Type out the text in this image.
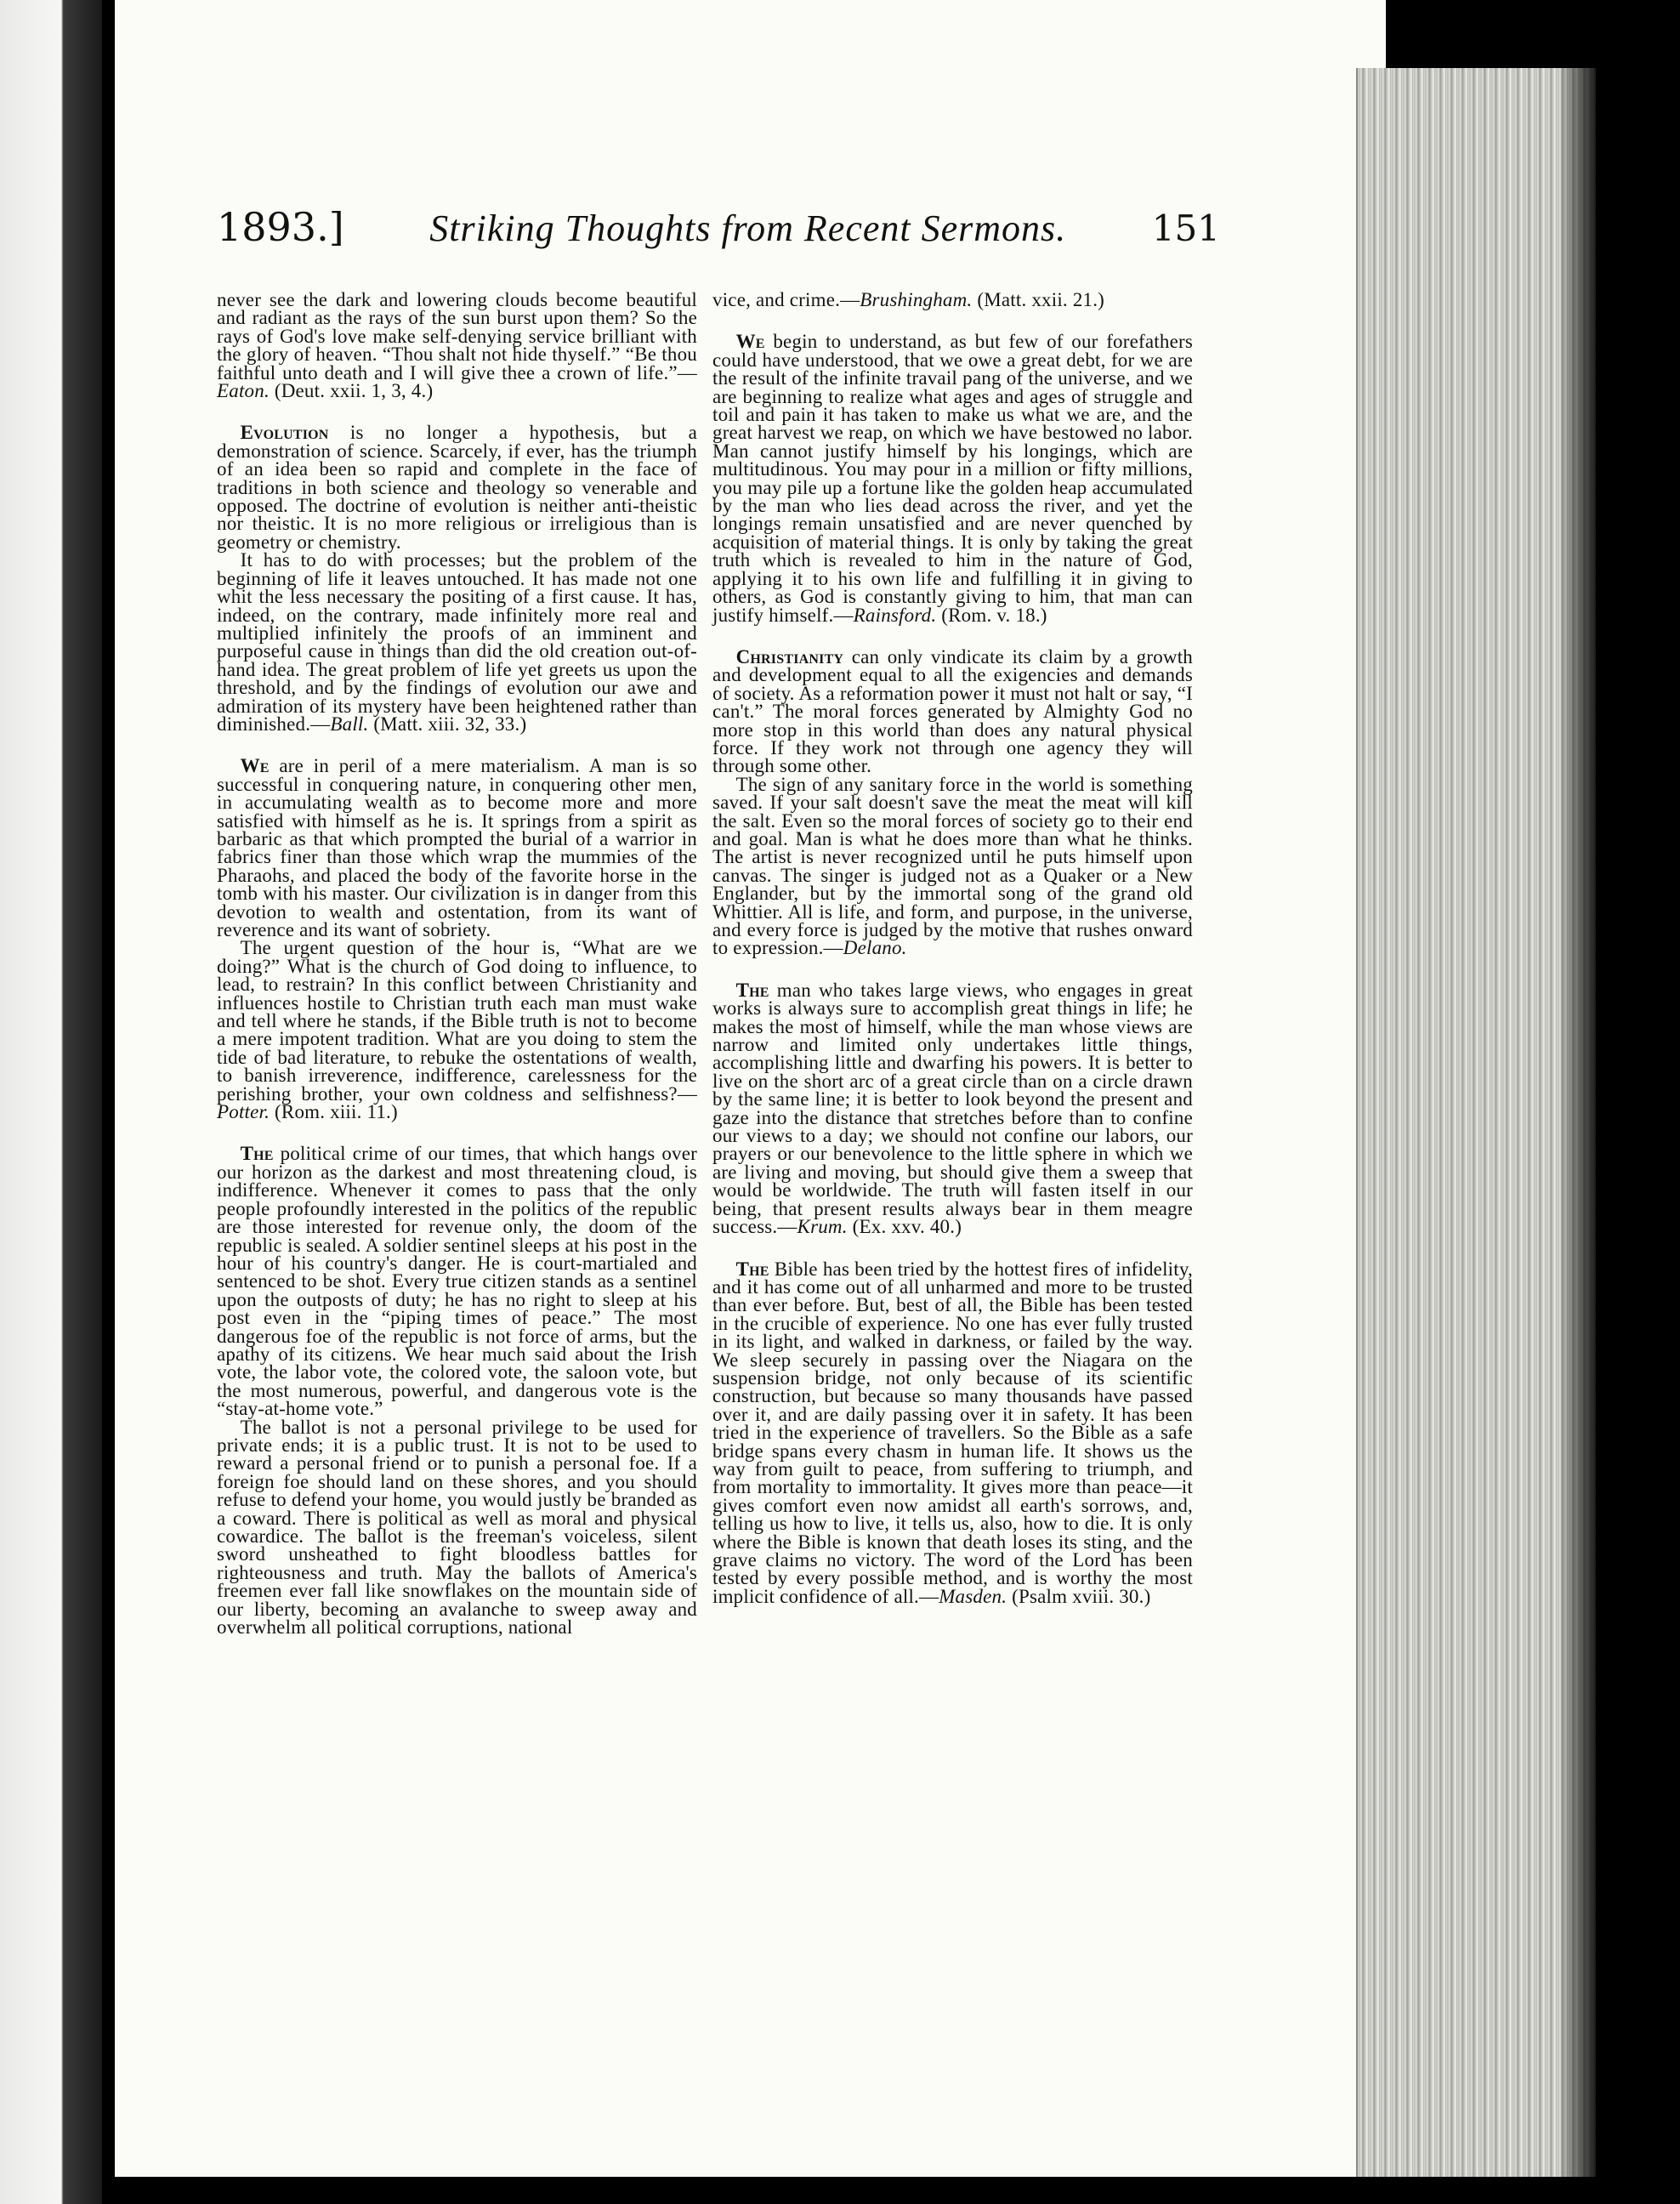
1893.] Striking Thoughts from Recent Sermons. 151

never see the dark and lowering clouds become beautiful and radiant as the rays of the sun burst upon them? So the rays of God's love make self-denying service brilliant with the glory of heaven. “Thou shalt not hide thyself.” “Be thou faithful unto death and I will give thee a crown of life.”—Eaton. (Deut. xxii. 1, 3, 4.)

Evolution is no longer a hypothesis, but a demonstration of science. Scarcely, if ever, has the triumph of an idea been so rapid and complete in the face of traditions in both science and theology so venerable and opposed. The doctrine of evolution is neither anti-theistic nor theistic. It is no more religious or irreligious than is geometry or chemistry.

It has to do with processes; but the problem of the beginning of life it leaves untouched. It has made not one whit the less necessary the positing of a first cause. It has, indeed, on the contrary, made infinitely more real and multiplied infinitely the proofs of an imminent and purposeful cause in things than did the old creation out-of-hand idea. The great problem of life yet greets us upon the threshold, and by the findings of evolution our awe and admiration of its mystery have been heightened rather than diminished.—Ball. (Matt. xiii. 32, 33.)

We are in peril of a mere materialism. A man is so successful in conquering nature, in conquering other men, in accumulating wealth as to become more and more satisfied with himself as he is. It springs from a spirit as barbaric as that which prompted the burial of a warrior in fabrics finer than those which wrap the mummies of the Pharaohs, and placed the body of the favorite horse in the tomb with his master. Our civilization is in danger from this devotion to wealth and ostentation, from its want of reverence and its want of sobriety.

The urgent question of the hour is, “What are we doing?” What is the church of God doing to influence, to lead, to restrain? In this conflict between Christianity and influences hostile to Christian truth each man must wake and tell where he stands, if the Bible truth is not to become a mere impotent tradition. What are you doing to stem the tide of bad literature, to rebuke the ostentations of wealth, to banish irreverence, indifference, carelessness for the perishing brother, your own coldness and selfishness?—Potter. (Rom. xiii. 11.)

The political crime of our times, that which hangs over our horizon as the darkest and most threatening cloud, is indifference. Whenever it comes to pass that the only people profoundly interested in the politics of the republic are those interested for revenue only, the doom of the republic is sealed. A soldier sentinel sleeps at his post in the hour of his country's danger. He is court-martialed and sentenced to be shot. Every true citizen stands as a sentinel upon the outposts of duty; he has no right to sleep at his post even in the “piping times of peace.” The most dangerous foe of the republic is not force of arms, but the apathy of its citizens. We hear much said about the Irish vote, the labor vote, the colored vote, the saloon vote, but the most numerous, powerful, and dangerous vote is the “stay-at-home vote.”

The ballot is not a personal privilege to be used for private ends; it is a public trust. It is not to be used to reward a personal friend or to punish a personal foe. If a foreign foe should land on these shores, and you should refuse to defend your home, you would justly be branded as a coward. There is political as well as moral and physical cowardice. The ballot is the freeman's voiceless, silent sword unsheathed to fight bloodless battles for righteousness and truth. May the ballots of America's freemen ever fall like snowflakes on the mountain side of our liberty, becoming an avalanche to sweep away and overwhelm all political corruptions, national

vice, and crime.—Brushingham. (Matt. xxii. 21.)

We begin to understand, as but few of our forefathers could have understood, that we owe a great debt, for we are the result of the infinite travail pang of the universe, and we are beginning to realize what ages and ages of struggle and toil and pain it has taken to make us what we are, and the great harvest we reap, on which we have bestowed no labor. Man cannot justify himself by his longings, which are multitudinous. You may pour in a million or fifty millions, you may pile up a fortune like the golden heap accumulated by the man who lies dead across the river, and yet the longings remain unsatisfied and are never quenched by acquisition of material things. It is only by taking the great truth which is revealed to him in the nature of God, applying it to his own life and fulfilling it in giving to others, as God is constantly giving to him, that man can justify himself.—Rainsford. (Rom. v. 18.)

Christianity can only vindicate its claim by a growth and development equal to all the exigencies and demands of society. As a reformation power it must not halt or say, “I can't.” The moral forces generated by Almighty God no more stop in this world than does any natural physical force. If they work not through one agency they will through some other.

The sign of any sanitary force in the world is something saved. If your salt doesn't save the meat the meat will kill the salt. Even so the moral forces of society go to their end and goal. Man is what he does more than what he thinks. The artist is never recognized until he puts himself upon canvas. The singer is judged not as a Quaker or a New Englander, but by the immortal song of the grand old Whittier. All is life, and form, and purpose, in the universe, and every force is judged by the motive that rushes onward to expression.—Delano.

The man who takes large views, who engages in great works is always sure to accomplish great things in life; he makes the most of himself, while the man whose views are narrow and limited only undertakes little things, accomplishing little and dwarfing his powers. It is better to live on the short arc of a great circle than on a circle drawn by the same line; it is better to look beyond the present and gaze into the distance that stretches before than to confine our views to a day; we should not confine our labors, our prayers or our benevolence to the little sphere in which we are living and moving, but should give them a sweep that would be worldwide. The truth will fasten itself in our being, that present results always bear in them meagre success.—Krum. (Ex. xxv. 40.)

The Bible has been tried by the hottest fires of infidelity, and it has come out of all unharmed and more to be trusted than ever before. But, best of all, the Bible has been tested in the crucible of experience. No one has ever fully trusted in its light, and walked in darkness, or failed by the way. We sleep securely in passing over the Niagara on the suspension bridge, not only because of its scientific construction, but because so many thousands have passed over it, and are daily passing over it in safety. It has been tried in the experience of travellers. So the Bible as a safe bridge spans every chasm in human life. It shows us the way from guilt to peace, from suffering to triumph, and from mortality to immortality. It gives more than peace—it gives comfort even now amidst all earth's sorrows, and, telling us how to live, it tells us, also, how to die. It is only where the Bible is known that death loses its sting, and the grave claims no victory. The word of the Lord has been tested by every possible method, and is worthy the most implicit confidence of all.—Masden. (Psalm xviii. 30.)
